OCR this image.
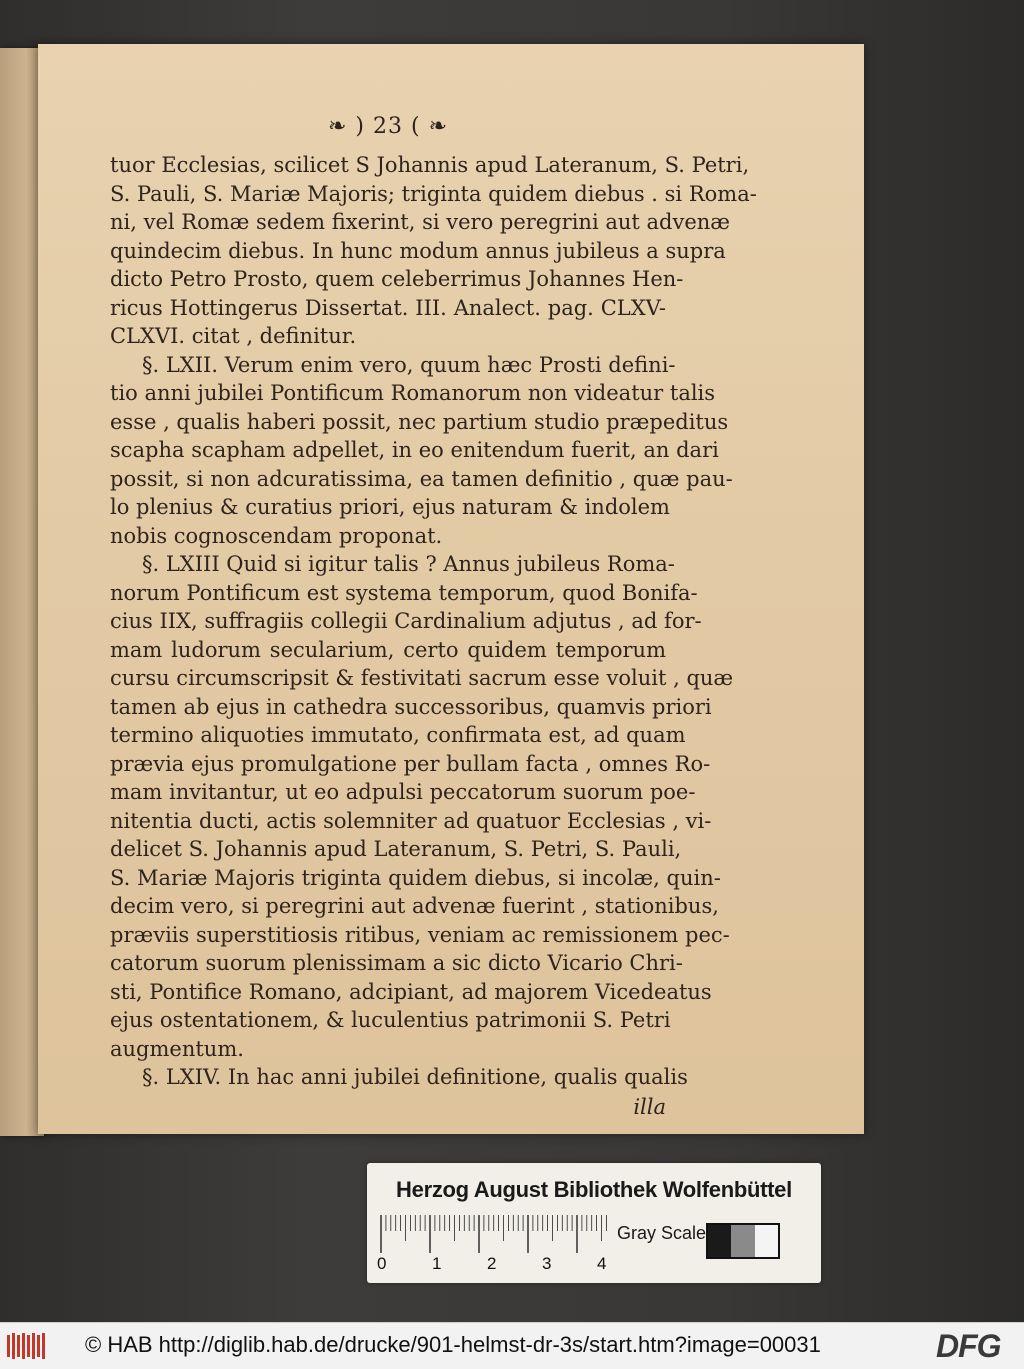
❧ ) 23 ( ❧
tuor Ecclesias, scilicet S Johannis apud Lateranum, S. Petri,
S. Pauli, S. Mariæ Majoris; triginta quidem diebus . si Roma-
ni, vel Romæ sedem fixerint, si vero peregrini aut advenæ
quindecim diebus. In hunc modum annus jubileus a supra
dicto Petro Prosto, quem celeberrimus Johannes Hen-
ricus Hottingerus Dissertat. III. Analect. pag. CLXV-
CLXVI. citat , definitur.
§. LXII. Verum enim vero, quum hæc Prosti defini-
tio anni jubilei Pontificum Romanorum non videatur talis
esse , qualis haberi possit, nec partium studio præpeditus
scapha scapham adpellet, in eo enitendum fuerit, an dari
possit, si non adcuratissima, ea tamen definitio , quæ pau-
lo plenius & curatius priori, ejus naturam & indolem
nobis cognoscendam proponat.
§. LXIII Quid si igitur talis ? Annus jubileus Roma-
norum Pontificum est systema temporum, quod Bonifa-
cius IIX, suffragiis collegii Cardinalium adjutus , ad for-
mam ludorum secularium, certo quidem temporum
cursu circumscripsit & festivitati sacrum esse voluit , quæ
tamen ab ejus in cathedra successoribus, quamvis priori
termino aliquoties immutato, confirmata est, ad quam
prævia ejus promulgatione per bullam facta , omnes Ro-
mam invitantur, ut eo adpulsi peccatorum suorum poe-
nitentia ducti, actis solemniter ad quatuor Ecclesias , vi-
delicet S. Johannis apud Lateranum, S. Petri, S. Pauli,
S. Mariæ Majoris triginta quidem diebus, si incolæ, quin-
decim vero, si peregrini aut advenæ fuerint , stationibus,
præviis superstitiosis ritibus, veniam ac remissionem pec-
catorum suorum plenissimam a sic dicto Vicario Chri-
sti, Pontifice Romano, adcipiant, ad majorem Vicedeatus
ejus ostentationem, & luculentius patrimonii S. Petri
augmentum.
§. LXIV. In hac anni jubilei definitione, qualis qualis
illa
Herzog August Bibliothek Wolfenbüttel
0	1	2	3	4
Gray Scale
© HAB http://diglib.hab.de/drucke/901-helmst-dr-3s/start.htm?image=00031	DFG
